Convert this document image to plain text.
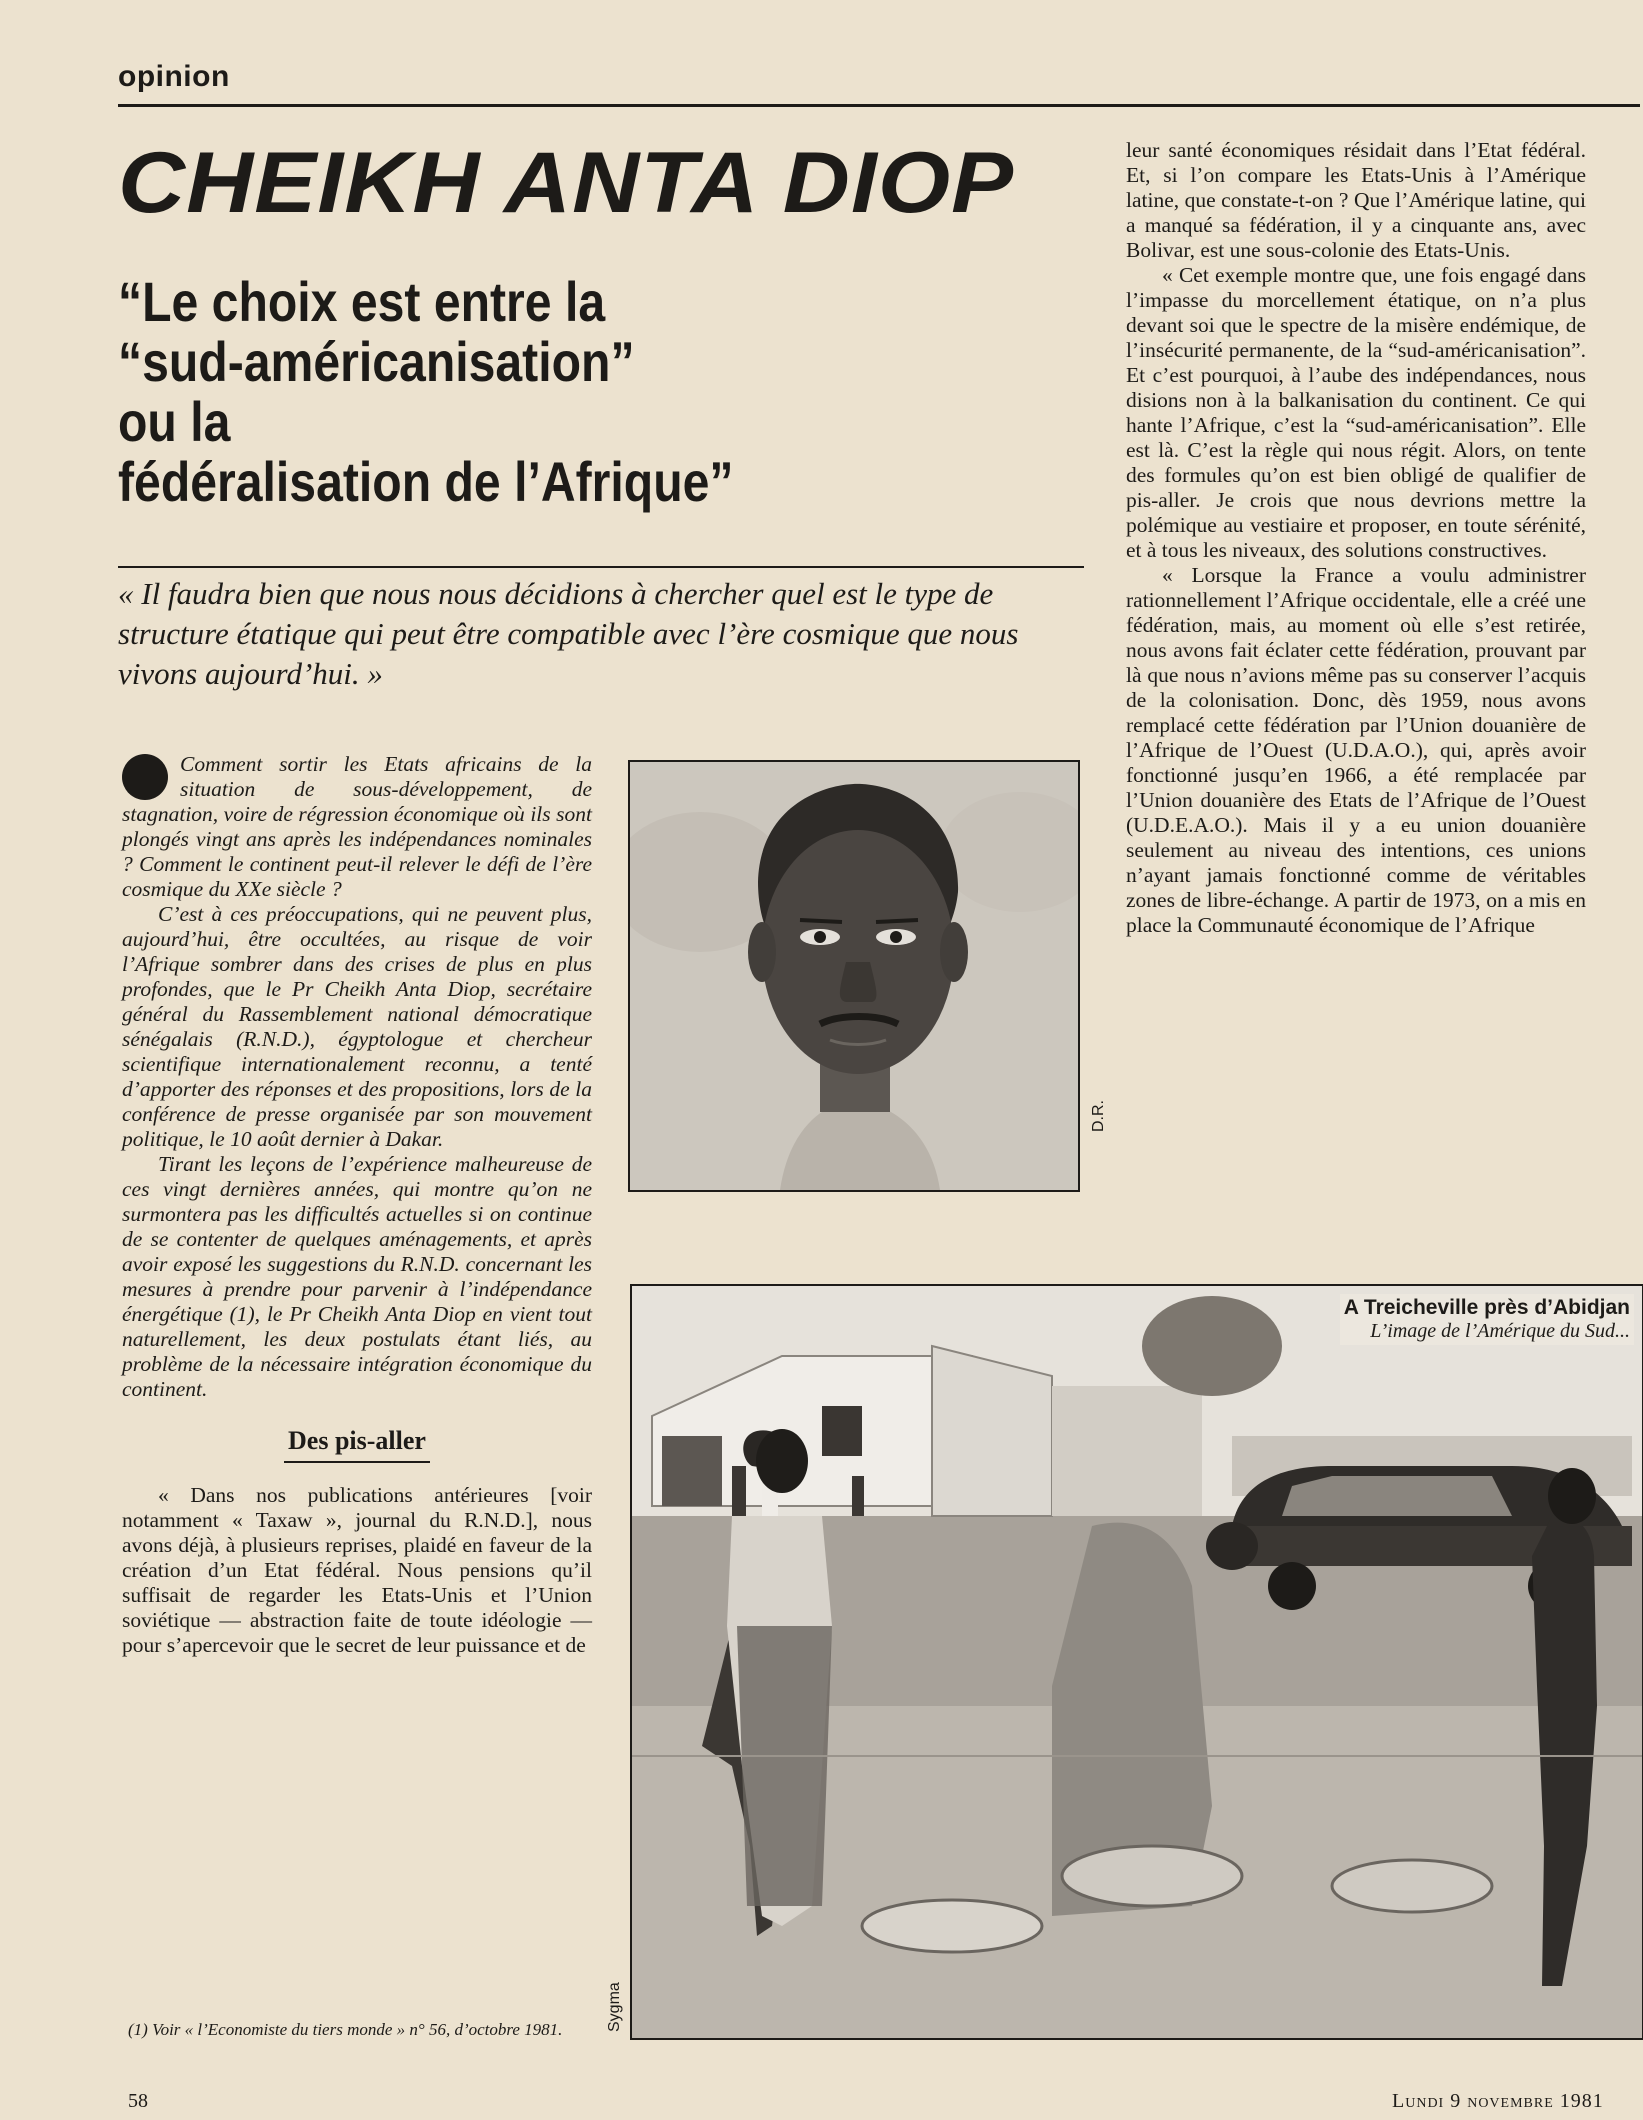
opinion
CHEIKH ANTA DIOP
“Le choix est entre la
“sud-américanisation”
ou la
fédéralisation de l’Afrique”

« Il faudra bien que nous nous décidions à chercher quel est le type de structure étatique qui peut être compatible avec l’ère cosmique que nous vivons aujourd’hui. »

Comment sortir les Etats africains de la situation de sous-développement, de stagnation, voire de régression économique où ils sont plongés vingt ans après les indépendances nominales ? Comment le continent peut-il relever le défi de l’ère cosmique du XXe siècle ?

C’est à ces préoccupations, qui ne peuvent plus, aujourd’hui, être occultées, au risque de voir l’Afrique sombrer dans des crises de plus en plus profondes, que le Pr Cheikh Anta Diop, secrétaire général du Rassemblement national démocratique sénégalais (R.N.D.), égyptologue et chercheur scientifique internationalement reconnu, a tenté d’apporter des réponses et des propositions, lors de la conférence de presse organisée par son mouvement politique, le 10 août dernier à Dakar.

Tirant les leçons de l’expérience malheureuse de ces vingt dernières années, qui montre qu’on ne surmontera pas les difficultés actuelles si on continue de se contenter de quelques aménagements, et après avoir exposé les suggestions du R.N.D. concernant les mesures à prendre pour parvenir à l’indépendance énergétique (1), le Pr Cheikh Anta Diop en vient tout naturellement, les deux postulats étant liés, au problème de la nécessaire intégration économique du continent.

Des pis-aller

« Dans nos publications antérieures [voir notamment « Taxaw », journal du R.N.D.], nous avons déjà, à plusieurs reprises, plaidé en faveur de la création d’un Etat fédéral. Nous pensions qu’il suffisait de regarder les Etats-Unis et l’Union soviétique — abstraction faite de toute idéologie — pour s’apercevoir que le secret de leur puissance et de

(1) Voir « l’Economiste du tiers monde » n° 56, d’octobre 1981.

D.R.

leur santé économiques résidait dans l’Etat fédéral. Et, si l’on compare les Etats-Unis à l’Amérique latine, que constate-t-on ? Que l’Amérique latine, qui a manqué sa fédération, il y a cinquante ans, avec Bolivar, est une sous-colonie des Etats-Unis.

« Cet exemple montre que, une fois engagé dans l’impasse du morcellement étatique, on n’a plus devant soi que le spectre de la misère endémique, de l’insécurité permanente, de la “sud-américanisation”. Et c’est pourquoi, à l’aube des indépendances, nous disions non à la balkanisation du continent. Ce qui hante l’Afrique, c’est la “sud-américanisation”. Elle est là. C’est la règle qui nous régit. Alors, on tente des formules qu’on est bien obligé de qualifier de pis-aller. Je crois que nous devrions mettre la polémique au vestiaire et proposer, en toute sérénité, et à tous les niveaux, des solutions constructives.

« Lorsque la France a voulu administrer rationnellement l’Afrique occidentale, elle a créé une fédération, mais, au moment où elle s’est retirée, nous avons fait éclater cette fédération, prouvant par là que nous n’avions même pas su conserver l’acquis de la colonisation. Donc, dès 1959, nous avons remplacé cette fédération par l’Union douanière de l’Afrique de l’Ouest (U.D.A.O.), qui, après avoir fonctionné jusqu’en 1966, a été remplacée par l’Union douanière des Etats de l’Afrique de l’Ouest (U.D.E.A.O.). Mais il y a eu union douanière seulement au niveau des intentions, ces unions n’ayant jamais fonctionné comme de véritables zones de libre-échange. A partir de 1973, on a mis en place la Communauté économique de l’Afrique

A Treicheville près d’Abidjan
L’image de l’Amérique du Sud...
Sygma
58	Lundi 9 novembre 1981
